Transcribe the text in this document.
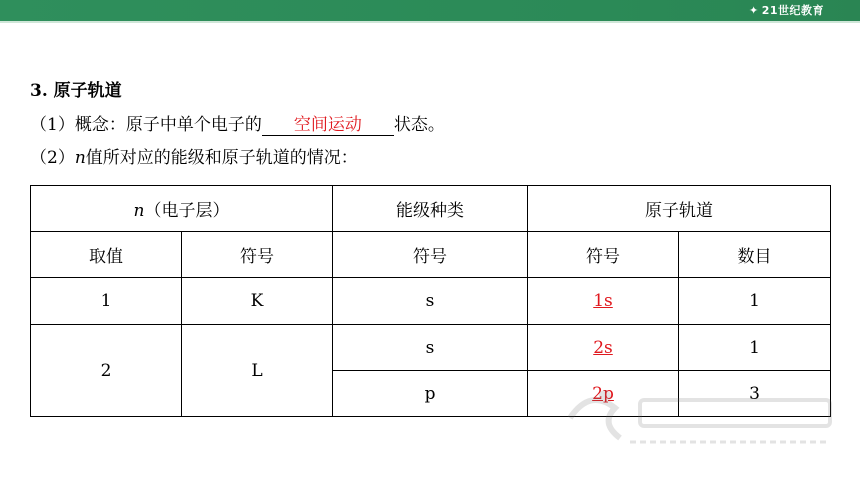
✦ 21世纪教育
3. 原子轨道
（1）概念：原子中单个电子的 空间运动 状态。
（2）n值所对应的能级和原子轨道的情况：
n（电子层）		能级种类	原子轨道	
取值	符号	符号	符号	数目
1	K	s	1s	1
2	L	s	2s	1
		p	2p	3
